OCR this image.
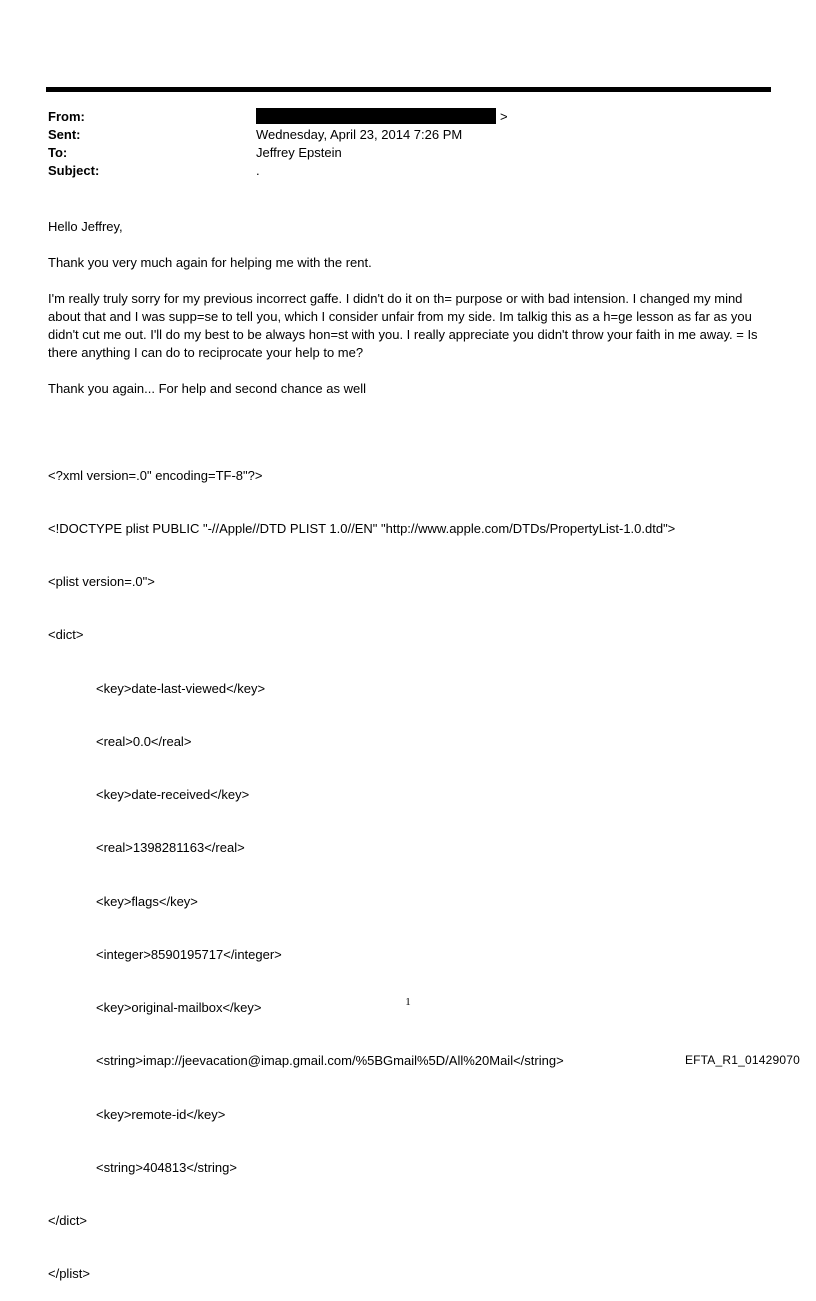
From:	>
Sent:	Wednesday, April 23, 2014 7:26 PM
To:	Jeffrey Epstein
Subject:	.

Hello Jeffrey,

Thank you very much again for helping me with the rent.

I'm really truly sorry for my previous incorrect gaffe. I didn't do it on th= purpose or with bad intension. I changed my mind about that and I was supp=se to tell you, which I consider unfair from my side. Im talkig this as a h=ge lesson as far as you didn't cut me out. I'll do my best to be always hon=st with you. I really appreciate you didn't throw your faith in me away. = Is there anything I can do to reciprocate your help to me?

Thank you again... For help and second chance as well

<?xml version=.0" encoding=TF-8"?>

<!DOCTYPE plist PUBLIC "-//Apple//DTD PLIST 1.0//EN" "http://www.apple.com/DTDs/PropertyList-1.0.dtd">

<plist version=.0">

<dict>

<key>date-last-viewed</key>

<real>0.0</real>

<key>date-received</key>

<real>1398281163</real>

<key>flags</key>

<integer>8590195717</integer>

<key>original-mailbox</key>

<string>imap://jeevacation@imap.gmail.com/%5BGmail%5D/All%20Mail</string>

<key>remote-id</key>

<string>404813</string>

</dict>

</plist>

1
EFTA_R1_01429070
